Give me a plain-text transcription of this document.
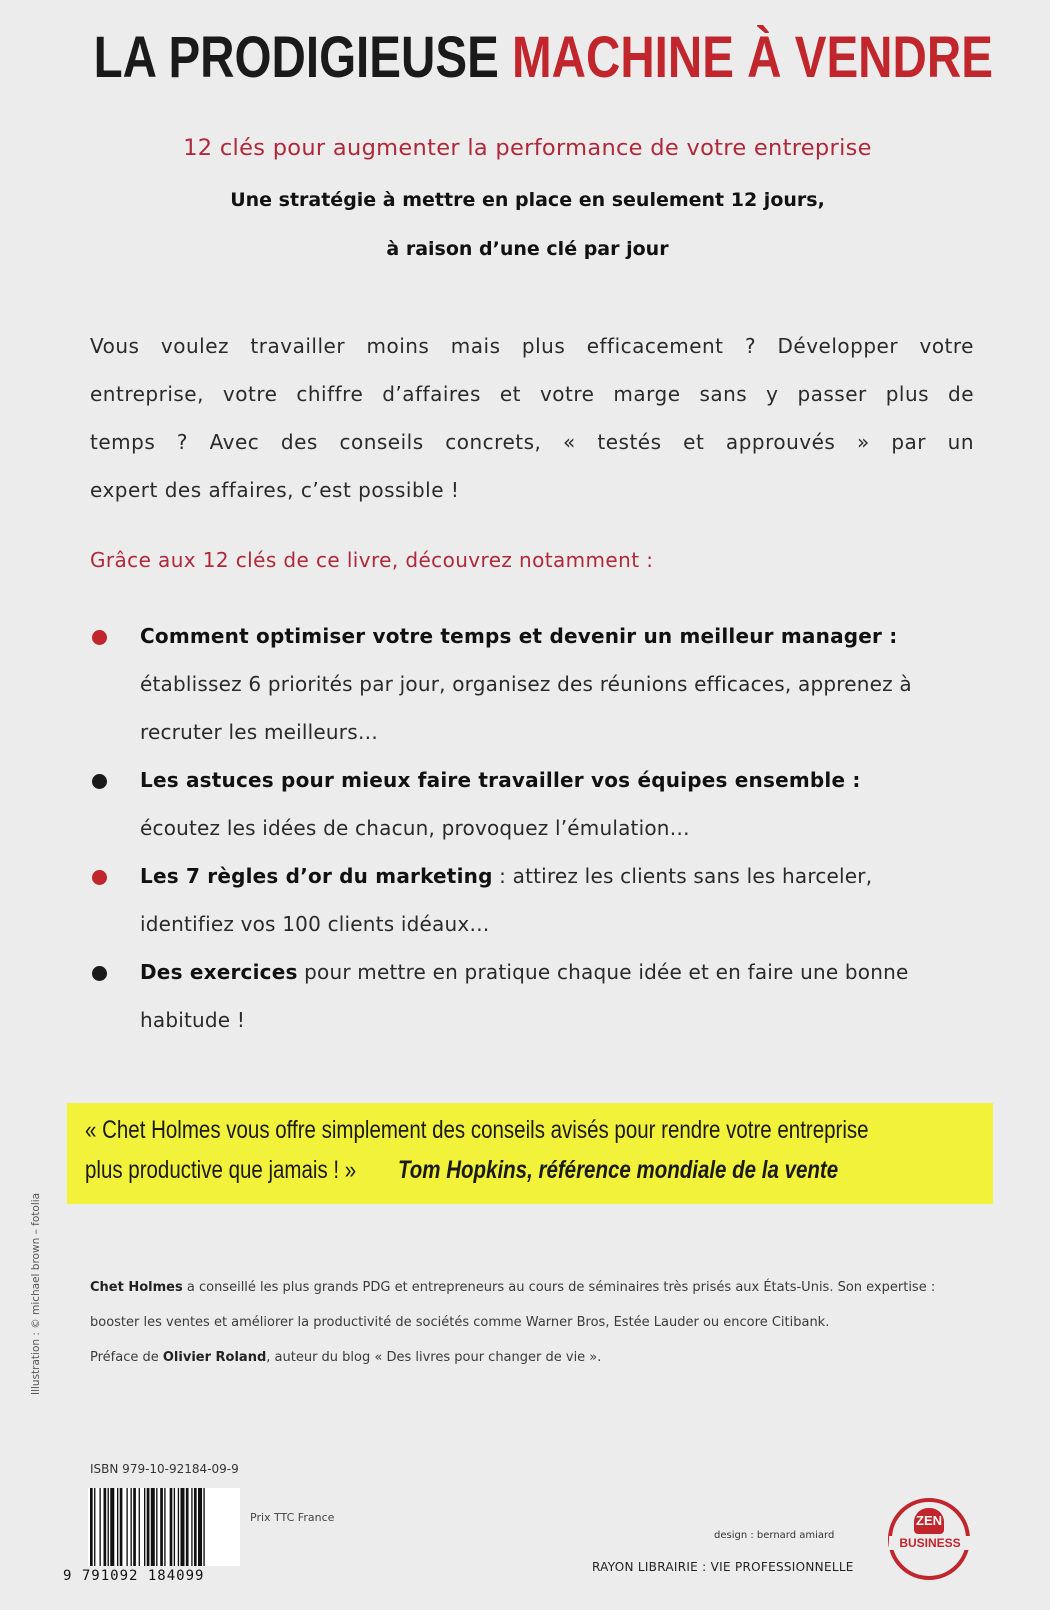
LA PRODIGIEUSE MACHINE À VENDRE
12 clés pour augmenter la performance de votre entreprise
Une stratégie à mettre en place en seulement 12 jours,
à raison d’une clé par jour
Vous voulez travailler moins mais plus efficacement ? Développer votre
entreprise, votre chiffre d’affaires et votre marge sans y passer plus de
temps ? Avec des conseils concrets, « testés et approuvés » par un
expert des affaires, c’est possible !
Grâce aux 12 clés de ce livre, découvrez notamment :
Comment optimiser votre temps et devenir un meilleur manager :
établissez 6 priorités par jour, organisez des réunions efficaces, apprenez à recruter les meilleurs…
Les astuces pour mieux faire travailler vos équipes ensemble :
écoutez les idées de chacun, provoquez l’émulation…
Les 7 règles d’or du marketing : attirez les clients sans les harceler, identifiez vos 100 clients idéaux…
Des exercices pour mettre en pratique chaque idée et en faire une bonne habitude !
« Chet Holmes vous offre simplement des conseils avisés pour rendre votre entreprise
plus productive que jamais ! » Tom Hopkins, référence mondiale de la vente

Chet Holmes a conseillé les plus grands PDG et entrepreneurs au cours de séminaires très prisés aux États-Unis. Son expertise : booster les ventes et améliorer la productivité de sociétés comme Warner Bros, Estée Lauder ou encore Citibank.

Préface de Olivier Roland, auteur du blog « Des livres pour changer de vie ».

Illustration : © michael brown – fotolia
ISBN 979-10-92184-09-9
9 791092 184099
Prix TTC France
design : bernard amiard
RAYON LIBRAIRIE : VIE PROFESSIONNELLE
ZEN
BUSINESS
